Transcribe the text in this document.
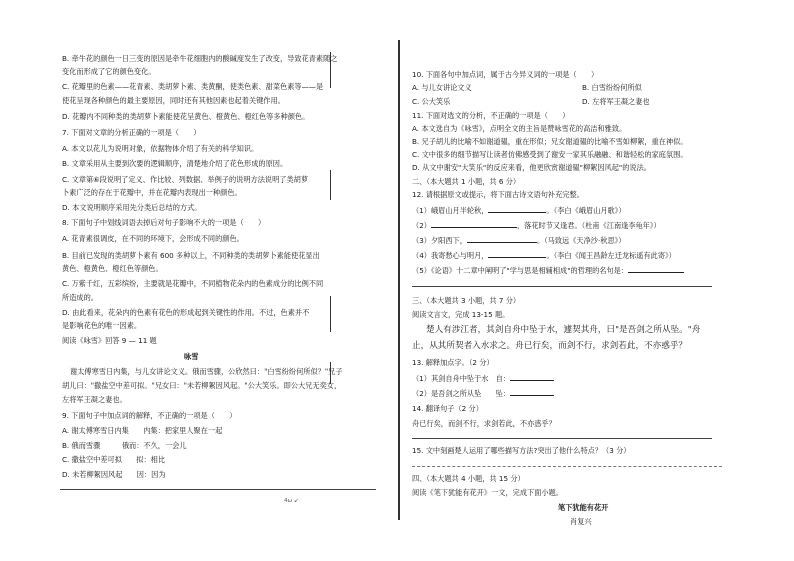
B. 牵牛花的颜色一日三变的原因是牵牛花细胞内的酸碱度发生了改变，导致花青素随之
变化而形成了它的颜色变化。
C. 花瓣里的色素——花青素、类胡萝卜素、类黄酮，使类色素、甜菜色素等——是
使花呈现各种颜色的最主要原因，同时还有其他因素也起着关键作用。
D. 花瓣内不同种类的类胡萝卜素能使花呈黄色、橙黄色、橙红色等多种颜色。
7. 下面对文章的分析正确的一项是（　　）
A. 本文以花儿为说明对象，依据物体介绍了有关的科学知识。
B. 文章采用从主要到次要的逻辑顺序，清楚地介绍了花色形成的原因。
C. 文章第⑥段说明了定义、作比较、列数据、举例子的说明方法说明了类胡萝
卜素广泛的存在于花瓣中，并在花瓣内表现出一种颜色。
D. 本文说明顺序采用先分类后总结的方式。
8. 下面句子中划线词语去掉后对句子影响不大的一项是（　　）
A. 花青素很调皮，在不同的环境下，会形成不同的颜色。
B. 目前已发现的类胡萝卜素有 600 多种以上，不同种类的类胡萝卜素能使花显出
黄色、橙黄色、橙红色等颜色。
C. 万紫千红，五彩缤纷，主要就是花瓣中，不同植物花朵内的色素成分的比例不同
所造成的。
D. 由此看来，花朵内的色素有花色的形成起到关键性的作用。不过，色素并不
是影响花色的唯一因素。
阅读《咏雪》回答 9 — 11 题
咏雪
谢太傅寒雪日内集，与儿女讲论文义。俄而雪骤，公欣然曰："白雪纷纷何所似？"兄子
胡儿曰："撒盐空中差可拟。"兄女曰："未若柳絮因风起。"公大笑乐。即公大兄无奕女，
左将军王凝之妻也。
9. 下面句子中加点词的解释，不正确的一项是（　　）
A. 谢太傅寒雪日内集　　内集：把家里人聚在一起
B. 俄而雪骤　　　俄而：不久，一会儿
C. 撒盐空中差可拟　　拟：相比
D. 未若柳絮因风起　　因：因为
4ω ↙
10. 下面各句中加点词，属于古今异义词的一项是（　　）
A. 与儿女讲论文义	B. 白雪纷纷何所似
C. 公大笑乐	D. 左将军王凝之妻也
11. 下面对选文的分析，不正确的一项是（　　）
A. 本文选自为《咏雪》，点明全文的主旨是赞咏雪花的高洁和雅致。
B. 兄子胡儿的比喻不如谢道韫，重在形似；兄女谢道韫的比喻不雪如柳絮，重在神似。
C. 文中很多的细节描写让读者仿佛感受到了谢安一家其乐融融、和谐轻松的家庭氛围。
D. 从文中谢安"大笑乐"的反应来看，他更欣赏谢道韫"柳絮因风起"的说法。
二、（本大题共 1 小题，共 6 分）
12. 请根据原文或提示，将下面古诗文语句补充完整。
（1）峨眉山月半轮秋，	。（李白《峨眉山月歌》）
（2）	，落花时节又逢君。（杜甫《江南逢李龟年》）
（3）夕阳西下，	。（马致远《天净沙·秋思》）
（4）我寄愁心与明月，	。（李白《闻王昌龄左迁龙标遥有此寄》）
（5）《论语》十二章中阐明了"学与思是相辅相成"的哲理的名句是：
三、（本大题共 3 小题，共 7 分）
阅读文言文，完成 13-15 题。
楚人有涉江者，其剑自舟中坠于水，遽契其舟，曰"是吾剑之所从坠。"舟
止，从其所契者入水求之。舟已行矣，而剑不行，求剑若此，不亦惑乎？
13. 解释加点字。（2 分）
（1）其剑自舟中坠于水　自：
（2）是吾剑之所从坠　　坠：
14. 翻译句子（2 分）
舟已行矣，而剑不行，求剑若此，不亦惑乎？
15. 文中刻画楚人运用了哪些描写方法?突出了他什么特点？（3 分）
四、（本大题共 4 小题，共 15 分）
阅读《笔下犹能有花开》一文，完成下面小题。
笔下犹能有花开
肖复兴
